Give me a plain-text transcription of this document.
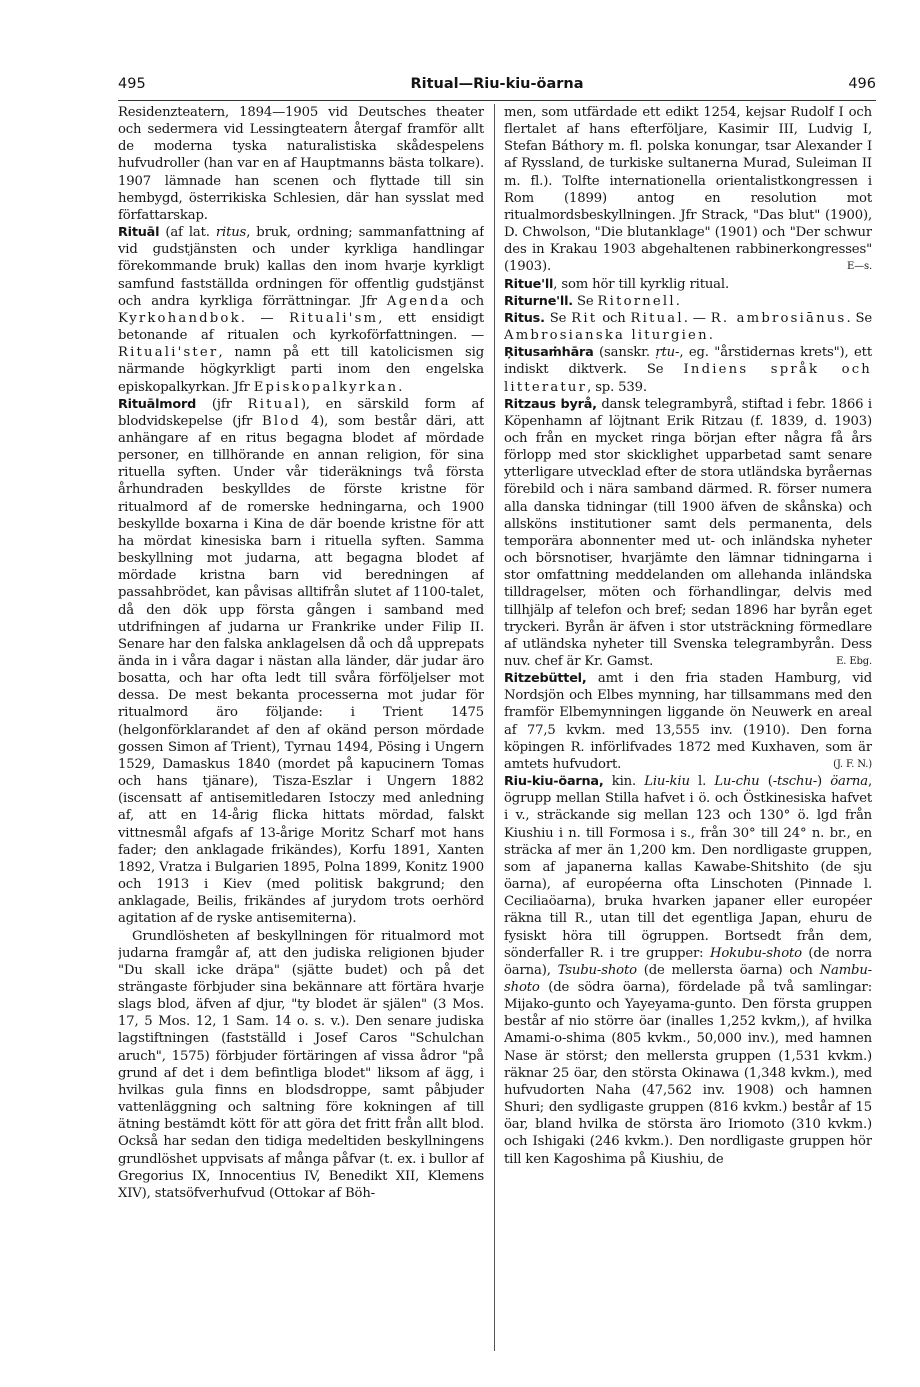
495	Ritual—Riu-kiu-öarna	496

Residenzteatern, 1894—1905 vid Deutsches theater och sedermera vid Lessingteatern återgaf framför allt de moderna tyska naturalistiska skådespelens hufvudroller (han var en af Hauptmanns bästa tolkare). 1907 lämnade han scenen och flyttade till sin hembygd, österrikiska Schlesien, där han sysslat med författarskap.

Rituāl (af lat. ritus, bruk, ordning; sammanfattning af vid gudstjänsten och under kyrkliga handlingar förekommande bruk) kallas den inom hvarje kyrkligt samfund fastställda ordningen för offentlig gudstjänst och andra kyrkliga förrättningar. Jfr Agenda och Kyrkohandbok. — Rituali'sm, ett ensidigt betonande af ritualen och kyrkoförfattningen. — Rituali'ster, namn på ett till katolicismen sig närmande högkyrkligt parti inom den engelska episkopalkyrkan. Jfr Episkopalkyrkan.

Rituālmord (jfr Ritual), en särskild form af blodvidskepelse (jfr Blod 4), som består däri, att anhängare af en ritus begagna blodet af mördade personer, en tillhörande en annan religion, för sina rituella syften. Under vår tideräknings två första århundraden beskylldes de förste kristne för ritualmord af de romerske hedningarna, och 1900 beskyllde boxarna i Kina de där boende kristne för att ha mördat kinesiska barn i rituella syften. Samma beskyllning mot judarna, att begagna blodet af mördade kristna barn vid beredningen af passahbrödet, kan påvisas alltifrån slutet af 1100-talet, då den dök upp första gången i samband med utdrifningen af judarna ur Frankrike under Filip II. Senare har den falska anklagelsen då och då upprepats ända in i våra dagar i nästan alla länder, där judar äro bosatta, och har ofta ledt till svåra förföljelser mot dessa. De mest bekanta processerna mot judar för ritualmord äro följande: i Trient 1475 (helgonförklarandet af den af okänd person mördade gossen Simon af Trient), Tyrnau 1494, Pösing i Ungern 1529, Damaskus 1840 (mordet på kapucinern Tomas och hans tjänare), Tisza-Eszlar i Ungern 1882 (iscensatt af antisemitledaren Istoczy med anledning af, att en 14-årig flicka hittats mördad, falskt vittnesmål afgafs af 13-årige Moritz Scharf mot hans fader; den anklagade frikändes), Korfu 1891, Xanten 1892, Vratza i Bulgarien 1895, Polna 1899, Konitz 1900 och 1913 i Kiev (med politisk bakgrund; den anklagade, Beilis, frikändes af jurydom trots oerhörd agitation af de ryske antisemiterna).

Grundlösheten af beskyllningen för ritualmord mot judarna framgår af, att den judiska religionen bjuder "Du skall icke dräpa" (sjätte budet) och på det strängaste förbjuder sina bekännare att förtära hvarje slags blod, äfven af djur, "ty blodet är själen" (3 Mos. 17, 5 Mos. 12, 1 Sam. 14 o. s. v.). Den senare judiska lagstiftningen (fastställd i Josef Caros "Schulchan aruch", 1575) förbjuder förtäringen af vissa ådror "på grund af det i dem befintliga blodet" liksom af ägg, i hvilkas gula finns en blodsdroppe, samt påbjuder vattenläggning och saltning före kokningen af till ätning bestämdt kött för att göra det fritt från allt blod. Också har sedan den tidiga medeltiden beskyllningens grundlöshet uppvisats af många påfvar (t. ex. i bullor af Gregorius IX, Innocentius IV, Benedikt XII, Klemens XIV), statsöfverhufvud (Ottokar af Böh-

men, som utfärdade ett edikt 1254, kejsar Rudolf I och flertalet af hans efterföljare, Kasimir III, Ludvig I, Stefan Báthory m. fl. polska konungar, tsar Alexander I af Ryssland, de turkiske sultanerna Murad, Suleiman II m. fl.). Tolfte internationella orientalistkongressen i Rom (1899) antog en resolution mot ritualmordsbeskyllningen. Jfr Strack, "Das blut" (1900), D. Chwolson, "Die blutanklage" (1901) och "Der schwur des in Krakau 1903 abgehaltenen rabbinerkongresses" (1903).	E—s.

Ritue'll, som hör till kyrklig ritual.

Riturne'll. Se Ritornell.

Ritus. Se Rit och Ritual. — R. ambrosiānus. Se Ambrosianska liturgien.

Ŗitusaṁhāra (sanskr. ṛtu-, eg. "årstidernas krets"), ett indiskt diktverk. Se Indiens språk och litteratur, sp. 539.

Ritzaus byrå, dansk telegrambyrå, stiftad i febr. 1866 i Köpenhamn af löjtnant Erik Ritzau (f. 1839, d. 1903) och från en mycket ringa början efter några få års förlopp med stor skicklighet upparbetad samt senare ytterligare utvecklad efter de stora utländska byråernas förebild och i nära samband därmed. R. förser numera alla danska tidningar (till 1900 äfven de skånska) och allsköns institutioner samt dels permanenta, dels temporära abonnenter med ut- och inländska nyheter och börsnotiser, hvarjämte den lämnar tidningarna i stor omfattning meddelanden om allehanda inländska tilldragelser, möten och förhandlingar, delvis med tillhjälp af telefon och bref; sedan 1896 har byrån eget tryckeri. Byrån är äfven i stor utsträckning förmedlare af utländska nyheter till Svenska telegrambyrån. Dess nuv. chef är Kr. Gamst.	E. Ebg.

Ritzebüttel, amt i den fria staden Hamburg, vid Nordsjön och Elbes mynning, har tillsammans med den framför Elbemynningen liggande ön Neuwerk en areal af 77,5 kvkm. med 13,555 inv. (1910). Den forna köpingen R. införlifvades 1872 med Kuxhaven, som är amtets hufvudort.	(J. F. N.)

Riu-kiu-öarna, kin. Liu-kiu l. Lu-chu (-tschu-) öarna, ögrupp mellan Stilla hafvet i ö. och Östkinesiska hafvet i v., sträckande sig mellan 123 och 130° ö. lgd från Kiushiu i n. till Formosa i s., från 30° till 24° n. br., en sträcka af mer än 1,200 km. Den nordligaste gruppen, som af japanerna kallas Kawabe-Shitshito (de sju öarna), af européerna ofta Linschoten (Pinnade l. Ceciliaöarna), bruka hvarken japaner eller européer räkna till R., utan till det egentliga Japan, ehuru de fysiskt höra till ögruppen. Bortsedt från dem, sönderfaller R. i tre grupper: Hokubu-shoto (de norra öarna), Tsubu-shoto (de mellersta öarna) och Nambu-shoto (de södra öarna), fördelade på två samlingar: Mijako-gunto och Yayeyama-gunto. Den första gruppen består af nio större öar (inalles 1,252 kvkm,), af hvilka Amami-o-shima (805 kvkm., 50,000 inv.), med hamnen Nase är störst; den mellersta gruppen (1,531 kvkm.) räknar 25 öar, den största Okinawa (1,348 kvkm.), med hufvudorten Naha (47,562 inv. 1908) och hamnen Shuri; den sydligaste gruppen (816 kvkm.) består af 15 öar, bland hvilka de största äro Iriomoto (310 kvkm.) och Ishigaki (246 kvkm.). Den nordligaste gruppen hör till ken Kagoshima på Kiushiu, de
